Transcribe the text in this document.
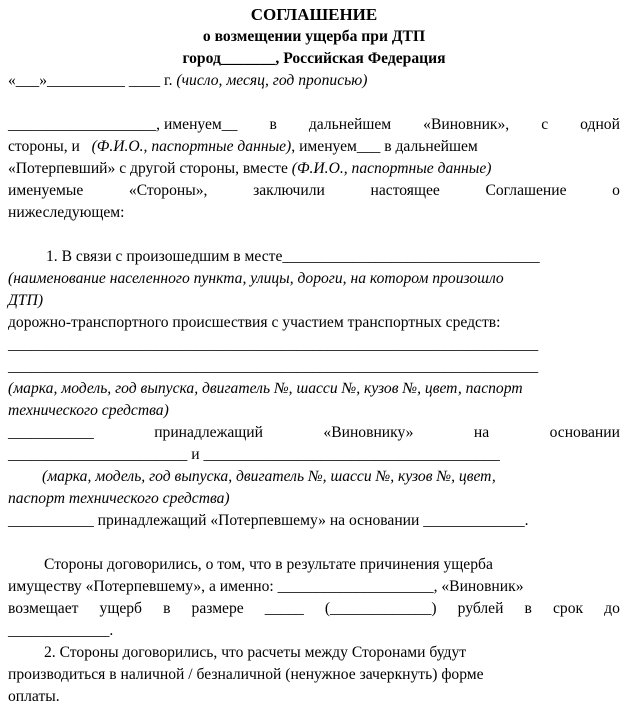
СОГЛАШЕНИЕ
о возмещении ущерба при ДТП
город_______, Российская Федерация
«___»__________ ____ г. (число, месяц, год прописью)
___________________, именуем__ в дальнейшем «Виновник», с одной
стороны, и (Ф.И.О., паспортные данные), именуем___ в дальнейшем
«Потерпевший» с другой стороны, вместе (Ф.И.О., паспортные данные)
именуемые	«Стороны»,	заключили	настоящее	Соглашение	о
нижеследующем:
1. В связи с произошедшим в месте_________________________________
(наименование населенного пункта, улицы, дороги, на котором произошло
ДТП)
дорожно-транспортного происшествия с участием транспортных средств:
____________________________________________________________________
____________________________________________________________________
(марка, модель, год выпуска, двигатель №, шасси №, кузов №, цвет, паспорт
технического средства)
___________	принадлежащий	«Виновнику»	на	основании
_______________________ и ______________________________________
(марка, модель, год выпуска, двигатель №, шасси №, кузов №, цвет,
паспорт технического средства)
___________ принадлежащий «Потерпевшему» на основании _____________.
Стороны договорились, о том, что в результате причинения ущерба
имуществу «Потерпевшему», а именно: ____________________, «Виновник»
возмещает ущерб в размере _____ (_____________) рублей в срок до
_____________.
2. Стороны договорились, что расчеты между Сторонами будут
производиться в наличной / безналичной (ненужное зачеркнуть) форме
оплаты.
